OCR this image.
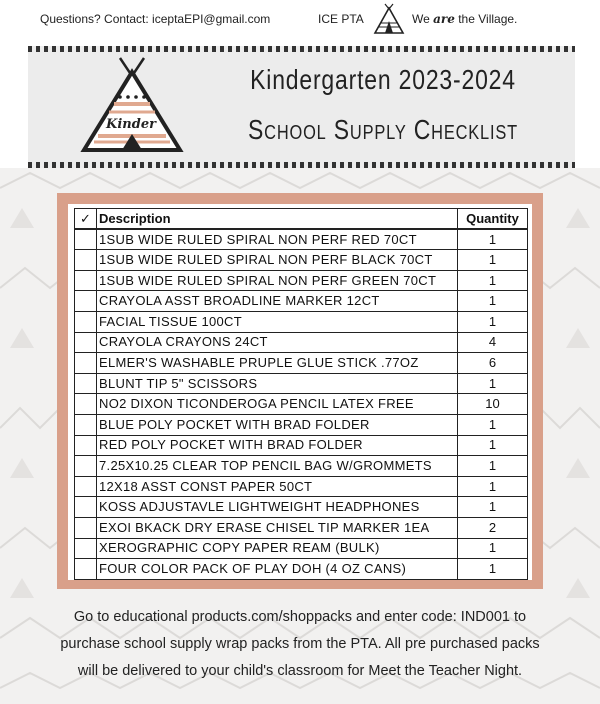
Questions? Contact: iceptaEPI@gmail.com	ICE PTA	We are the Village.
Kinder
Kindergarten 2023-2024
School Supply Checklist
✓	Description	Quantity
	1SUB WIDE RULED SPIRAL NON PERF RED 70CT	1
	1SUB WIDE RULED SPIRAL NON PERF BLACK 70CT	1
	1SUB WIDE RULED SPIRAL NON PERF GREEN 70CT	1
	CRAYOLA ASST BROADLINE MARKER 12CT	1
	FACIAL TISSUE 100CT	1
	CRAYOLA CRAYONS 24CT	4
	ELMER'S WASHABLE PRUPLE GLUE STICK .77OZ	6
	BLUNT TIP 5" SCISSORS	1
	NO2 DIXON TICONDEROGA PENCIL LATEX FREE	10
	BLUE POLY POCKET WITH BRAD FOLDER	1
	RED POLY POCKET WITH BRAD FOLDER	1
	7.25X10.25 CLEAR TOP PENCIL BAG W/GROMMETS	1
	12X18 ASST CONST PAPER 50CT	1
	KOSS ADJUSTAVLE LIGHTWEIGHT HEADPHONES	1
	EXOI BKACK DRY ERASE CHISEL TIP MARKER 1EA	2
	XEROGRAPHIC COPY PAPER REAM (BULK)	1
	FOUR COLOR PACK OF PLAY DOH (4 OZ CANS)	1
Go to educational products.com/shoppacks and enter code: IND001 to
purchase school supply wrap packs from the PTA. All pre purchased packs
will be delivered to your child's classroom for Meet the Teacher Night.
